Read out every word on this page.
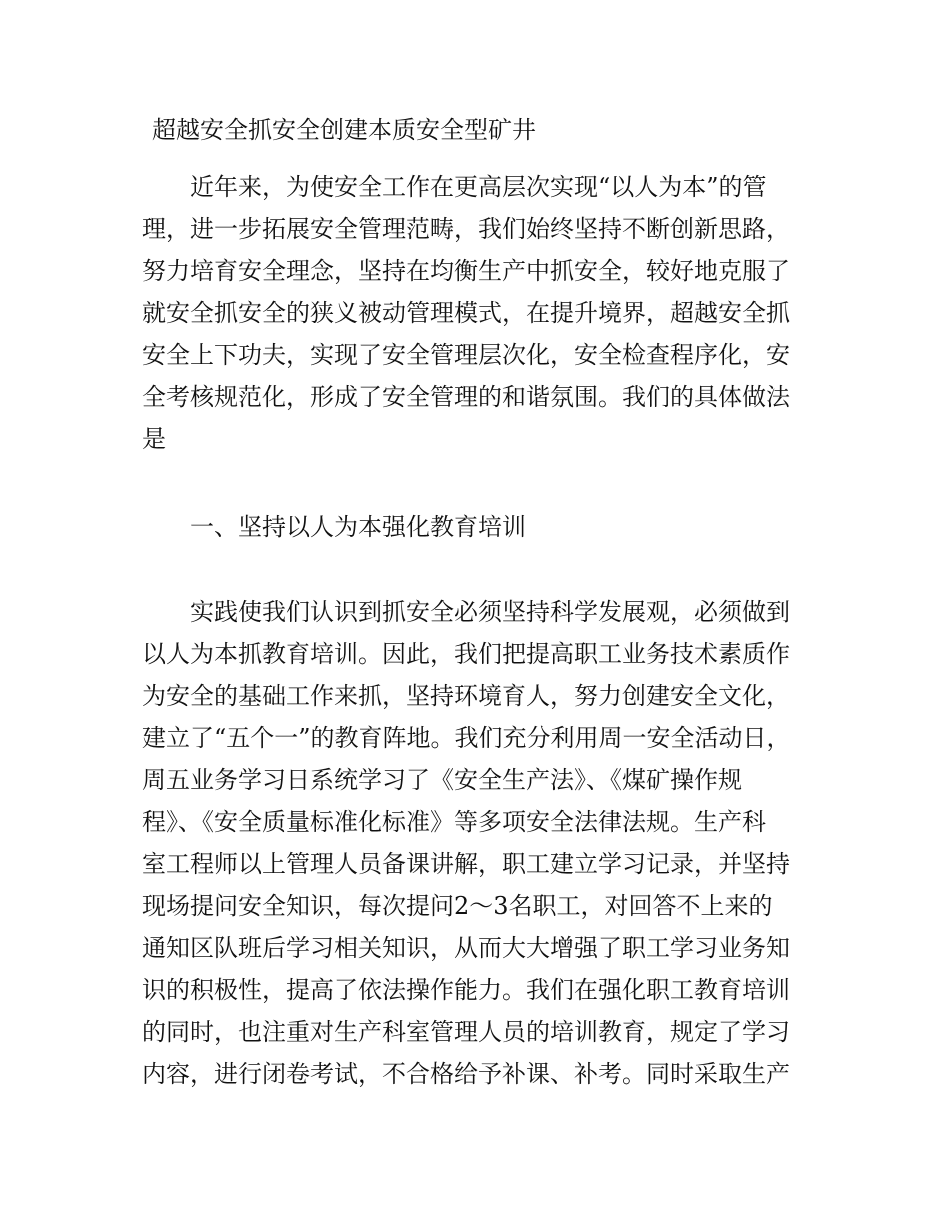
超越安全抓安全创建本质安全型矿井
近年来，为使安全工作在更高层次实现“以人为本”的管
理，进一步拓展安全管理范畴，我们始终坚持不断创新思路，
努力培育安全理念，坚持在均衡生产中抓安全，较好地克服了
就安全抓安全的狭义被动管理模式，在提升境界，超越安全抓
安全上下功夫，实现了安全管理层次化，安全检查程序化，安
全考核规范化，形成了安全管理的和谐氛围。我们的具体做法
是
一、坚持以人为本强化教育培训
实践使我们认识到抓安全必须坚持科学发展观，必须做到
以人为本抓教育培训。因此，我们把提高职工业务技术素质作
为安全的基础工作来抓，坚持环境育人，努力创建安全文化，
建立了“五个一”的教育阵地。我们充分利用周一安全活动日，
周五业务学习日系统学习了《安全生产法》、《煤矿操作规
程》、《安全质量标准化标准》等多项安全法律法规。生产科
室工程师以上管理人员备课讲解，职工建立学习记录，并坚持
现场提问安全知识，每次提问2～3名职工，对回答不上来的
通知区队班后学习相关知识，从而大大增强了职工学习业务知
识的积极性，提高了依法操作能力。我们在强化职工教育培训
的同时，也注重对生产科室管理人员的培训教育，规定了学习
内容，进行闭卷考试，不合格给予补课、补考。同时采取生产
